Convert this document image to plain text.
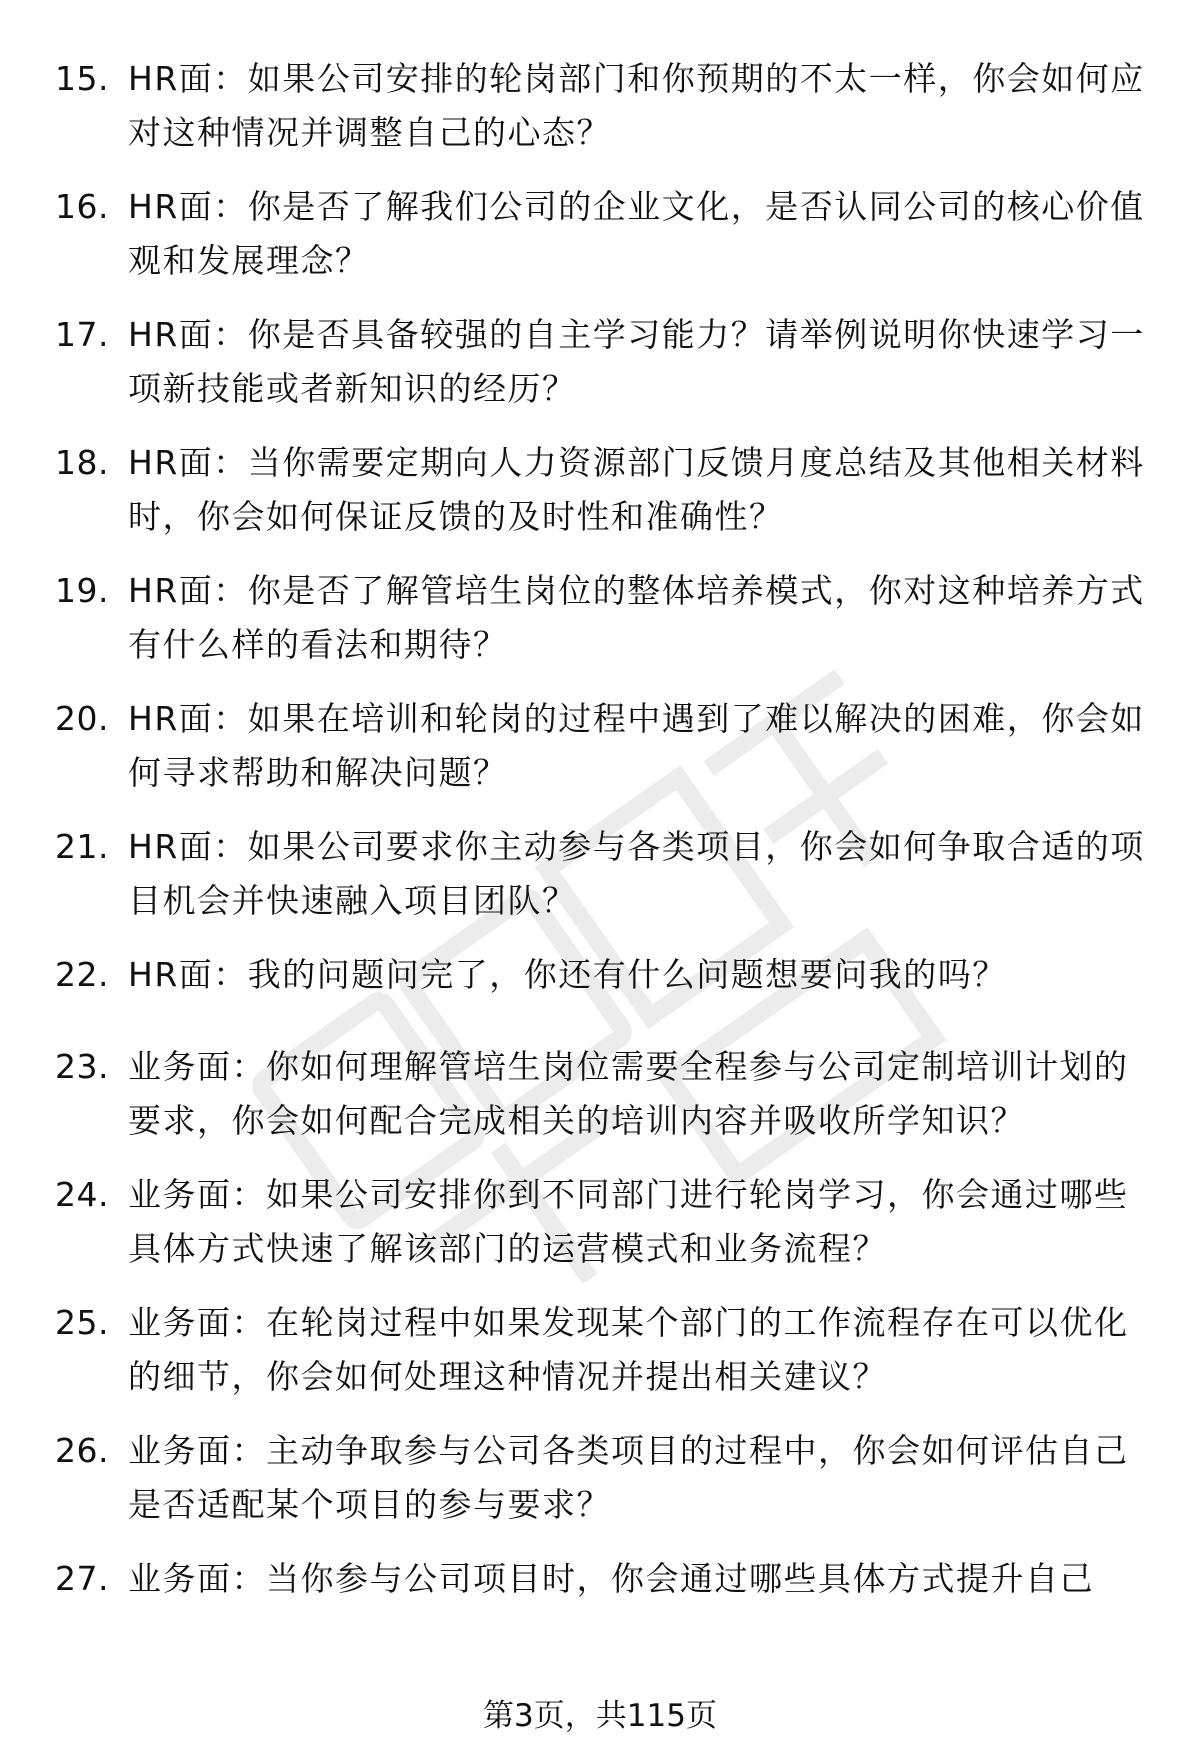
15. HR面：如果公司安排的轮岗部门和你预期的不太一样，你会如何应对这种情况并调整自己的心态？
16. HR面：你是否了解我们公司的企业文化，是否认同公司的核心价值观和发展理念？
17. HR面：你是否具备较强的自主学习能力？请举例说明你快速学习一项新技能或者新知识的经历？
18. HR面：当你需要定期向人力资源部门反馈月度总结及其他相关材料时，你会如何保证反馈的及时性和准确性？
19. HR面：你是否了解管培生岗位的整体培养模式，你对这种培养方式有什么样的看法和期待？
20. HR面：如果在培训和轮岗的过程中遇到了难以解决的困难，你会如何寻求帮助和解决问题？
21. HR面：如果公司要求你主动参与各类项目，你会如何争取合适的项目机会并快速融入项目团队？
22. HR面：我的问题问完了，你还有什么问题想要问我的吗？
23. 业务面：你如何理解管培生岗位需要全程参与公司定制培训计划的要求，你会如何配合完成相关的培训内容并吸收所学知识？
24. 业务面：如果公司安排你到不同部门进行轮岗学习，你会通过哪些具体方式快速了解该部门的运营模式和业务流程？
25. 业务面：在轮岗过程中如果发现某个部门的工作流程存在可以优化的细节，你会如何处理这种情况并提出相关建议？
26. 业务面：主动争取参与公司各类项目的过程中，你会如何评估自己是否适配某个项目的参与要求？
27. 业务面：当你参与公司项目时，你会通过哪些具体方式提升自己
第3页，共115页
